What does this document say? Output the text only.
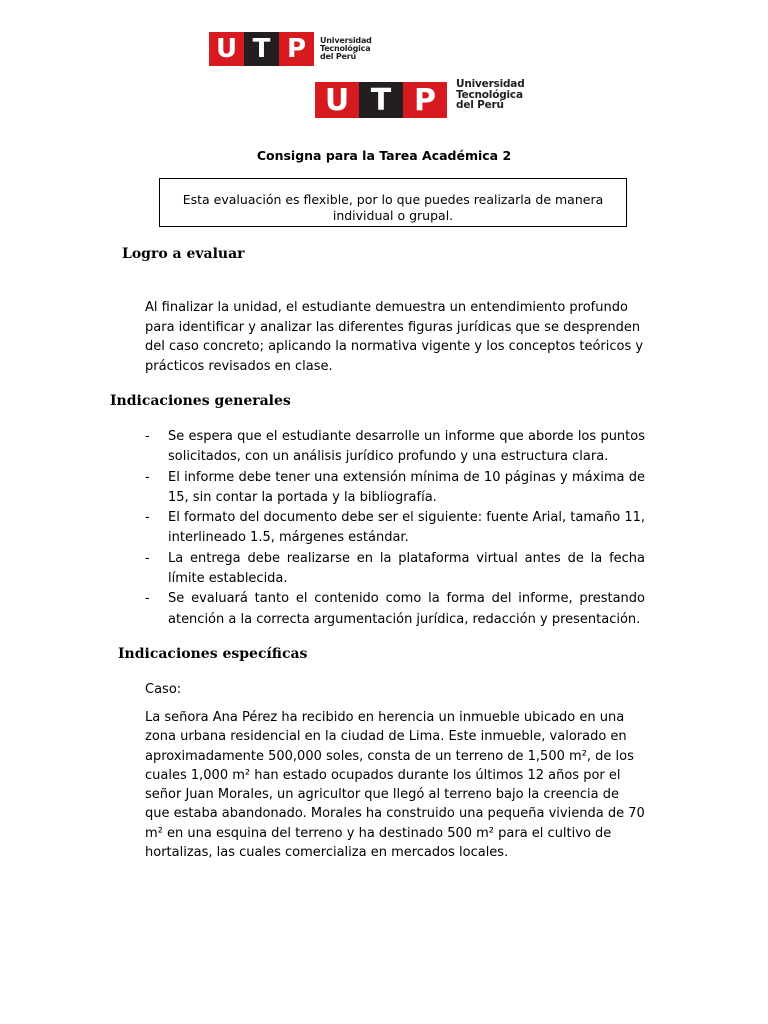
U T P	Universidad
Tecnológica
del Perú
U T P	Universidad
Tecnológica
del Perú
Consigna para la Tarea Académica 2
Esta evaluación es flexible, por lo que puedes realizarla de manera individual o grupal.
Logro a evaluar
Al finalizar la unidad, el estudiante demuestra un entendimiento profundo para identificar y analizar las diferentes figuras jurídicas que se desprenden del caso concreto; aplicando la normativa vigente y los conceptos teóricos y prácticos revisados en clase.
Indicaciones generales
- Se espera que el estudiante desarrolle un informe que aborde los puntos solicitados, con un análisis jurídico profundo y una estructura clara.
- El informe debe tener una extensión mínima de 10 páginas y máxima de 15, sin contar la portada y la bibliografía.
- El formato del documento debe ser el siguiente: fuente Arial, tamaño 11, interlineado 1.5, márgenes estándar.
- La entrega debe realizarse en la plataforma virtual antes de la fecha límite establecida.
- Se evaluará tanto el contenido como la forma del informe, prestando atención a la correcta argumentación jurídica, redacción y presentación.
Indicaciones específicas
Caso:
La señora Ana Pérez ha recibido en herencia un inmueble ubicado en una zona urbana residencial en la ciudad de Lima. Este inmueble, valorado en aproximadamente 500,000 soles, consta de un terreno de 1,500 m², de los cuales 1,000 m² han estado ocupados durante los últimos 12 años por el señor Juan Morales, un agricultor que llegó al terreno bajo la creencia de que estaba abandonado. Morales ha construido una pequeña vivienda de 70 m² en una esquina del terreno y ha destinado 500 m² para el cultivo de hortalizas, las cuales comercializa en mercados locales.
